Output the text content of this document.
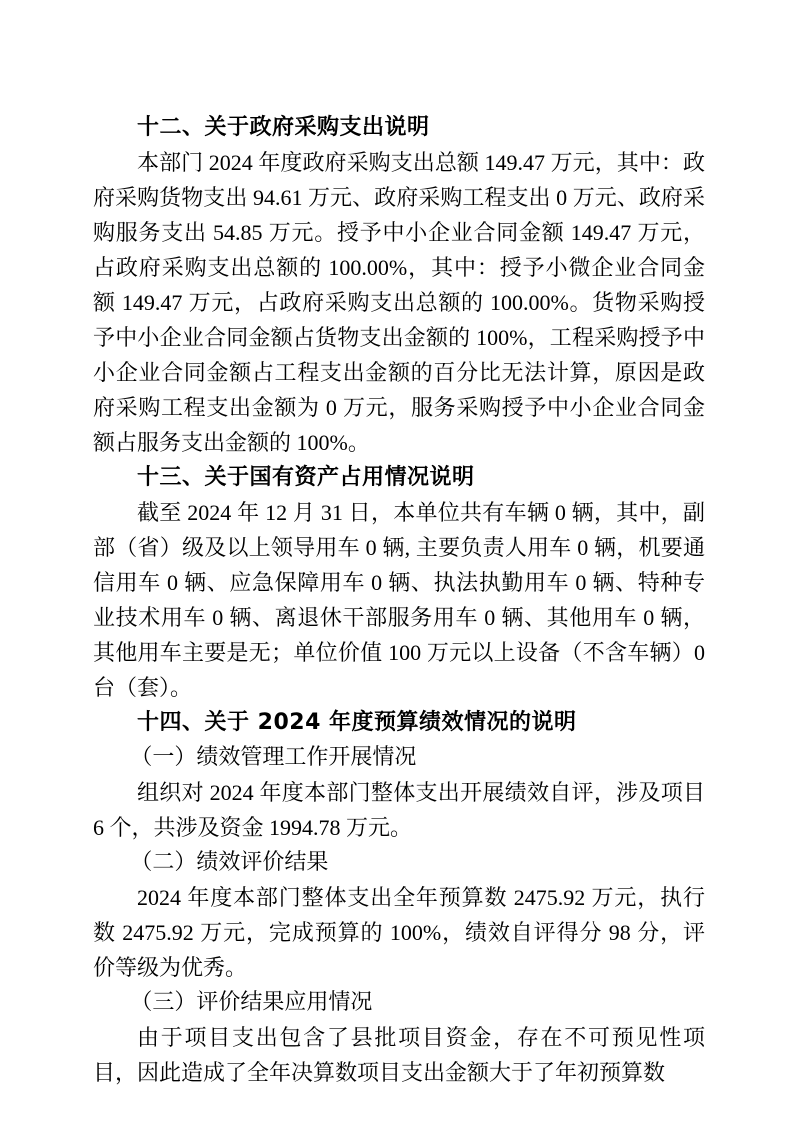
十二、关于政府采购支出说明

本部门 2024 年度政府采购支出总额 149.47 万元，其中：政府采购货物支出 94.61 万元、政府采购工程支出 0 万元、政府采购服务支出 54.85 万元。授予中小企业合同金额 149.47 万元，占政府采购支出总额的 100.00%，其中：授予小微企业合同金额 149.47 万元，占政府采购支出总额的 100.00%。货物采购授予中小企业合同金额占货物支出金额的 100%，工程采购授予中小企业合同金额占工程支出金额的百分比无法计算，原因是政府采购工程支出金额为 0 万元，服务采购授予中小企业合同金额占服务支出金额的 100%。

十三、关于国有资产占用情况说明

截至 2024 年 12 月 31 日，本单位共有车辆 0 辆，其中，副部（省）级及以上领导用车 0 辆, 主要负责人用车 0 辆，机要通信用车 0 辆、应急保障用车 0 辆、执法执勤用车 0 辆、特种专业技术用车 0 辆、离退休干部服务用车 0 辆、其他用车 0 辆，其他用车主要是无；单位价值 100 万元以上设备（不含车辆）0 台（套）。

十四、关于 2024 年度预算绩效情况的说明
（一）绩效管理工作开展情况

组织对 2024 年度本部门整体支出开展绩效自评，涉及项目 6 个，共涉及资金 1994.78 万元。

（二）绩效评价结果

2024 年度本部门整体支出全年预算数 2475.92 万元，执行数 2475.92 万元，完成预算的 100%，绩效自评得分 98 分，评价等级为优秀。

（三）评价结果应用情况

由于项目支出包含了县批项目资金，存在不可预见性项目，因此造成了全年决算数项目支出金额大于了年初预算数
